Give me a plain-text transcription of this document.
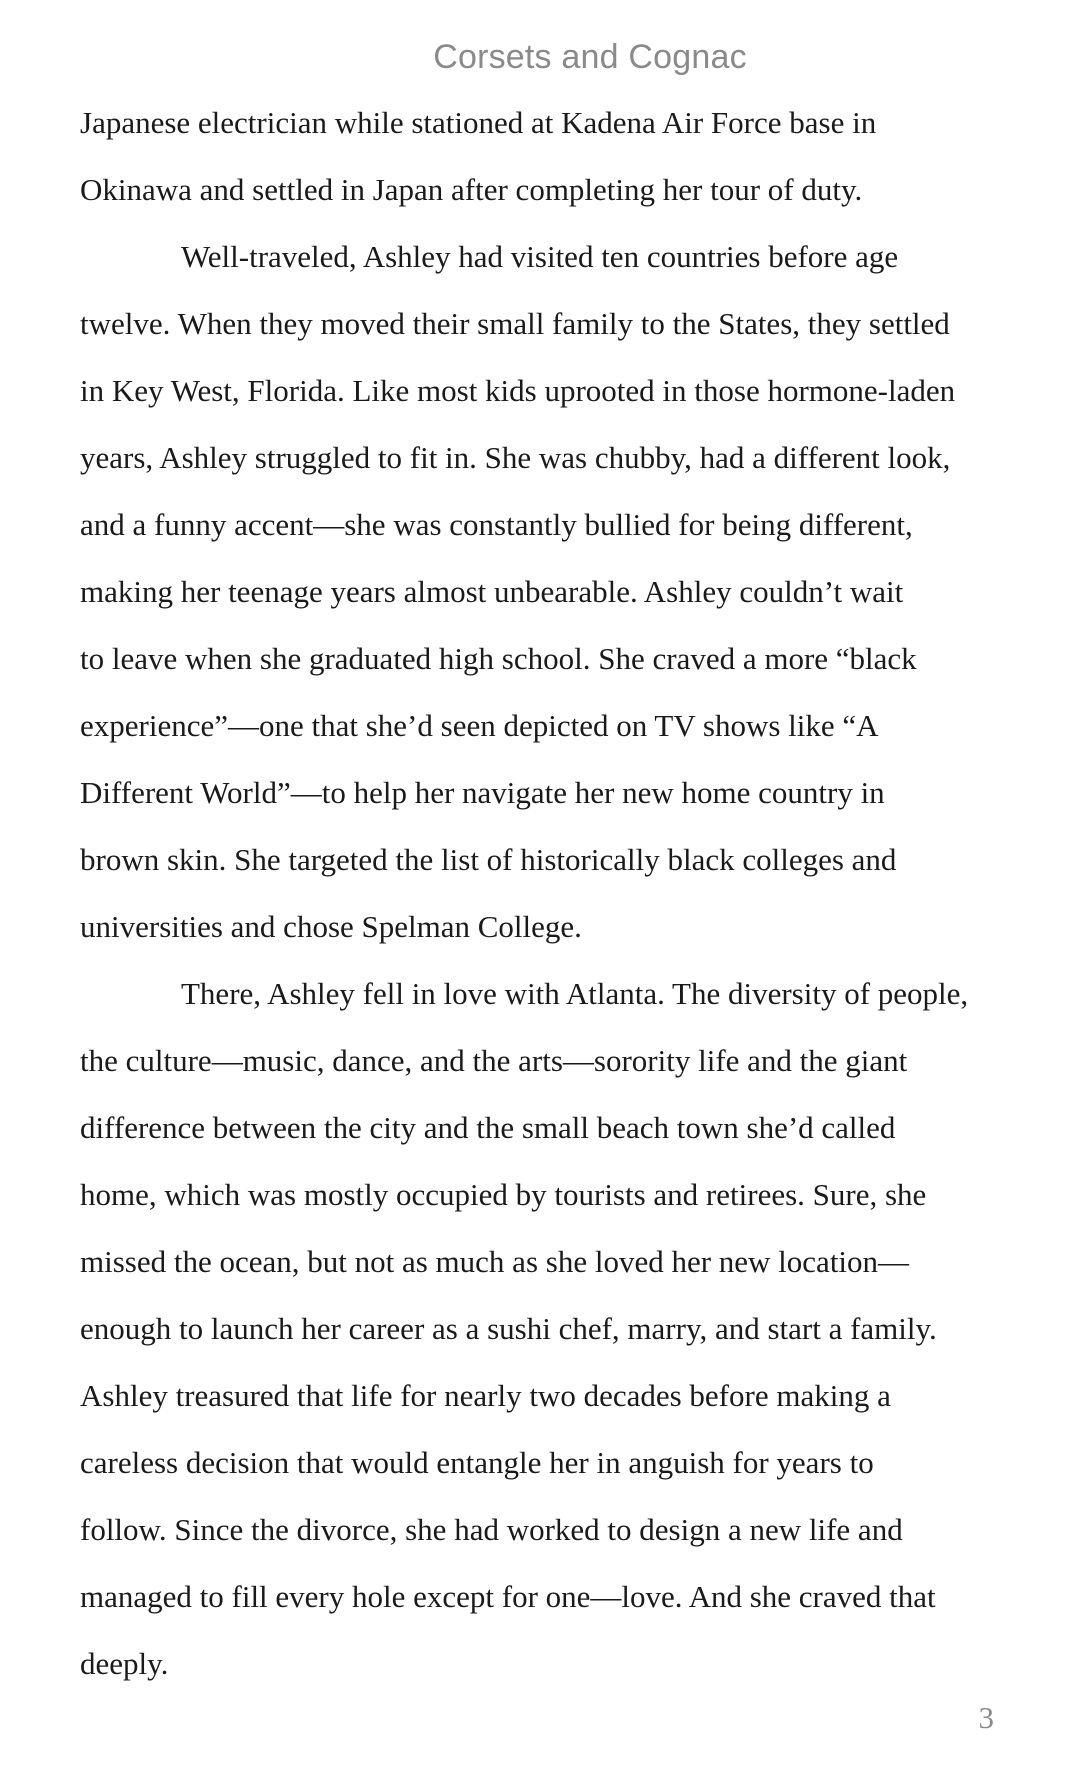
Corsets and Cognac
Japanese electrician while stationed at Kadena Air Force base in
Okinawa and settled in Japan after completing her tour of duty.
Well-traveled, Ashley had visited ten countries before age
twelve. When they moved their small family to the States, they settled
in Key West, Florida. Like most kids uprooted in those hormone-laden
years, Ashley struggled to fit in. She was chubby, had a different look,
and a funny accent—she was constantly bullied for being different,
making her teenage years almost unbearable. Ashley couldn’t wait
to leave when she graduated high school. She craved a more “black
experience”—one that she’d seen depicted on TV shows like “A
Different World”—to help her navigate her new home country in
brown skin. She targeted the list of historically black colleges and
universities and chose Spelman College.
There, Ashley fell in love with Atlanta. The diversity of people,
the culture—music, dance, and the arts—sorority life and the giant
difference between the city and the small beach town she’d called
home, which was mostly occupied by tourists and retirees. Sure, she
missed the ocean, but not as much as she loved her new location—
enough to launch her career as a sushi chef, marry, and start a family.
Ashley treasured that life for nearly two decades before making a
careless decision that would entangle her in anguish for years to
follow. Since the divorce, she had worked to design a new life and
managed to fill every hole except for one—love. And she craved that
deeply.
3
